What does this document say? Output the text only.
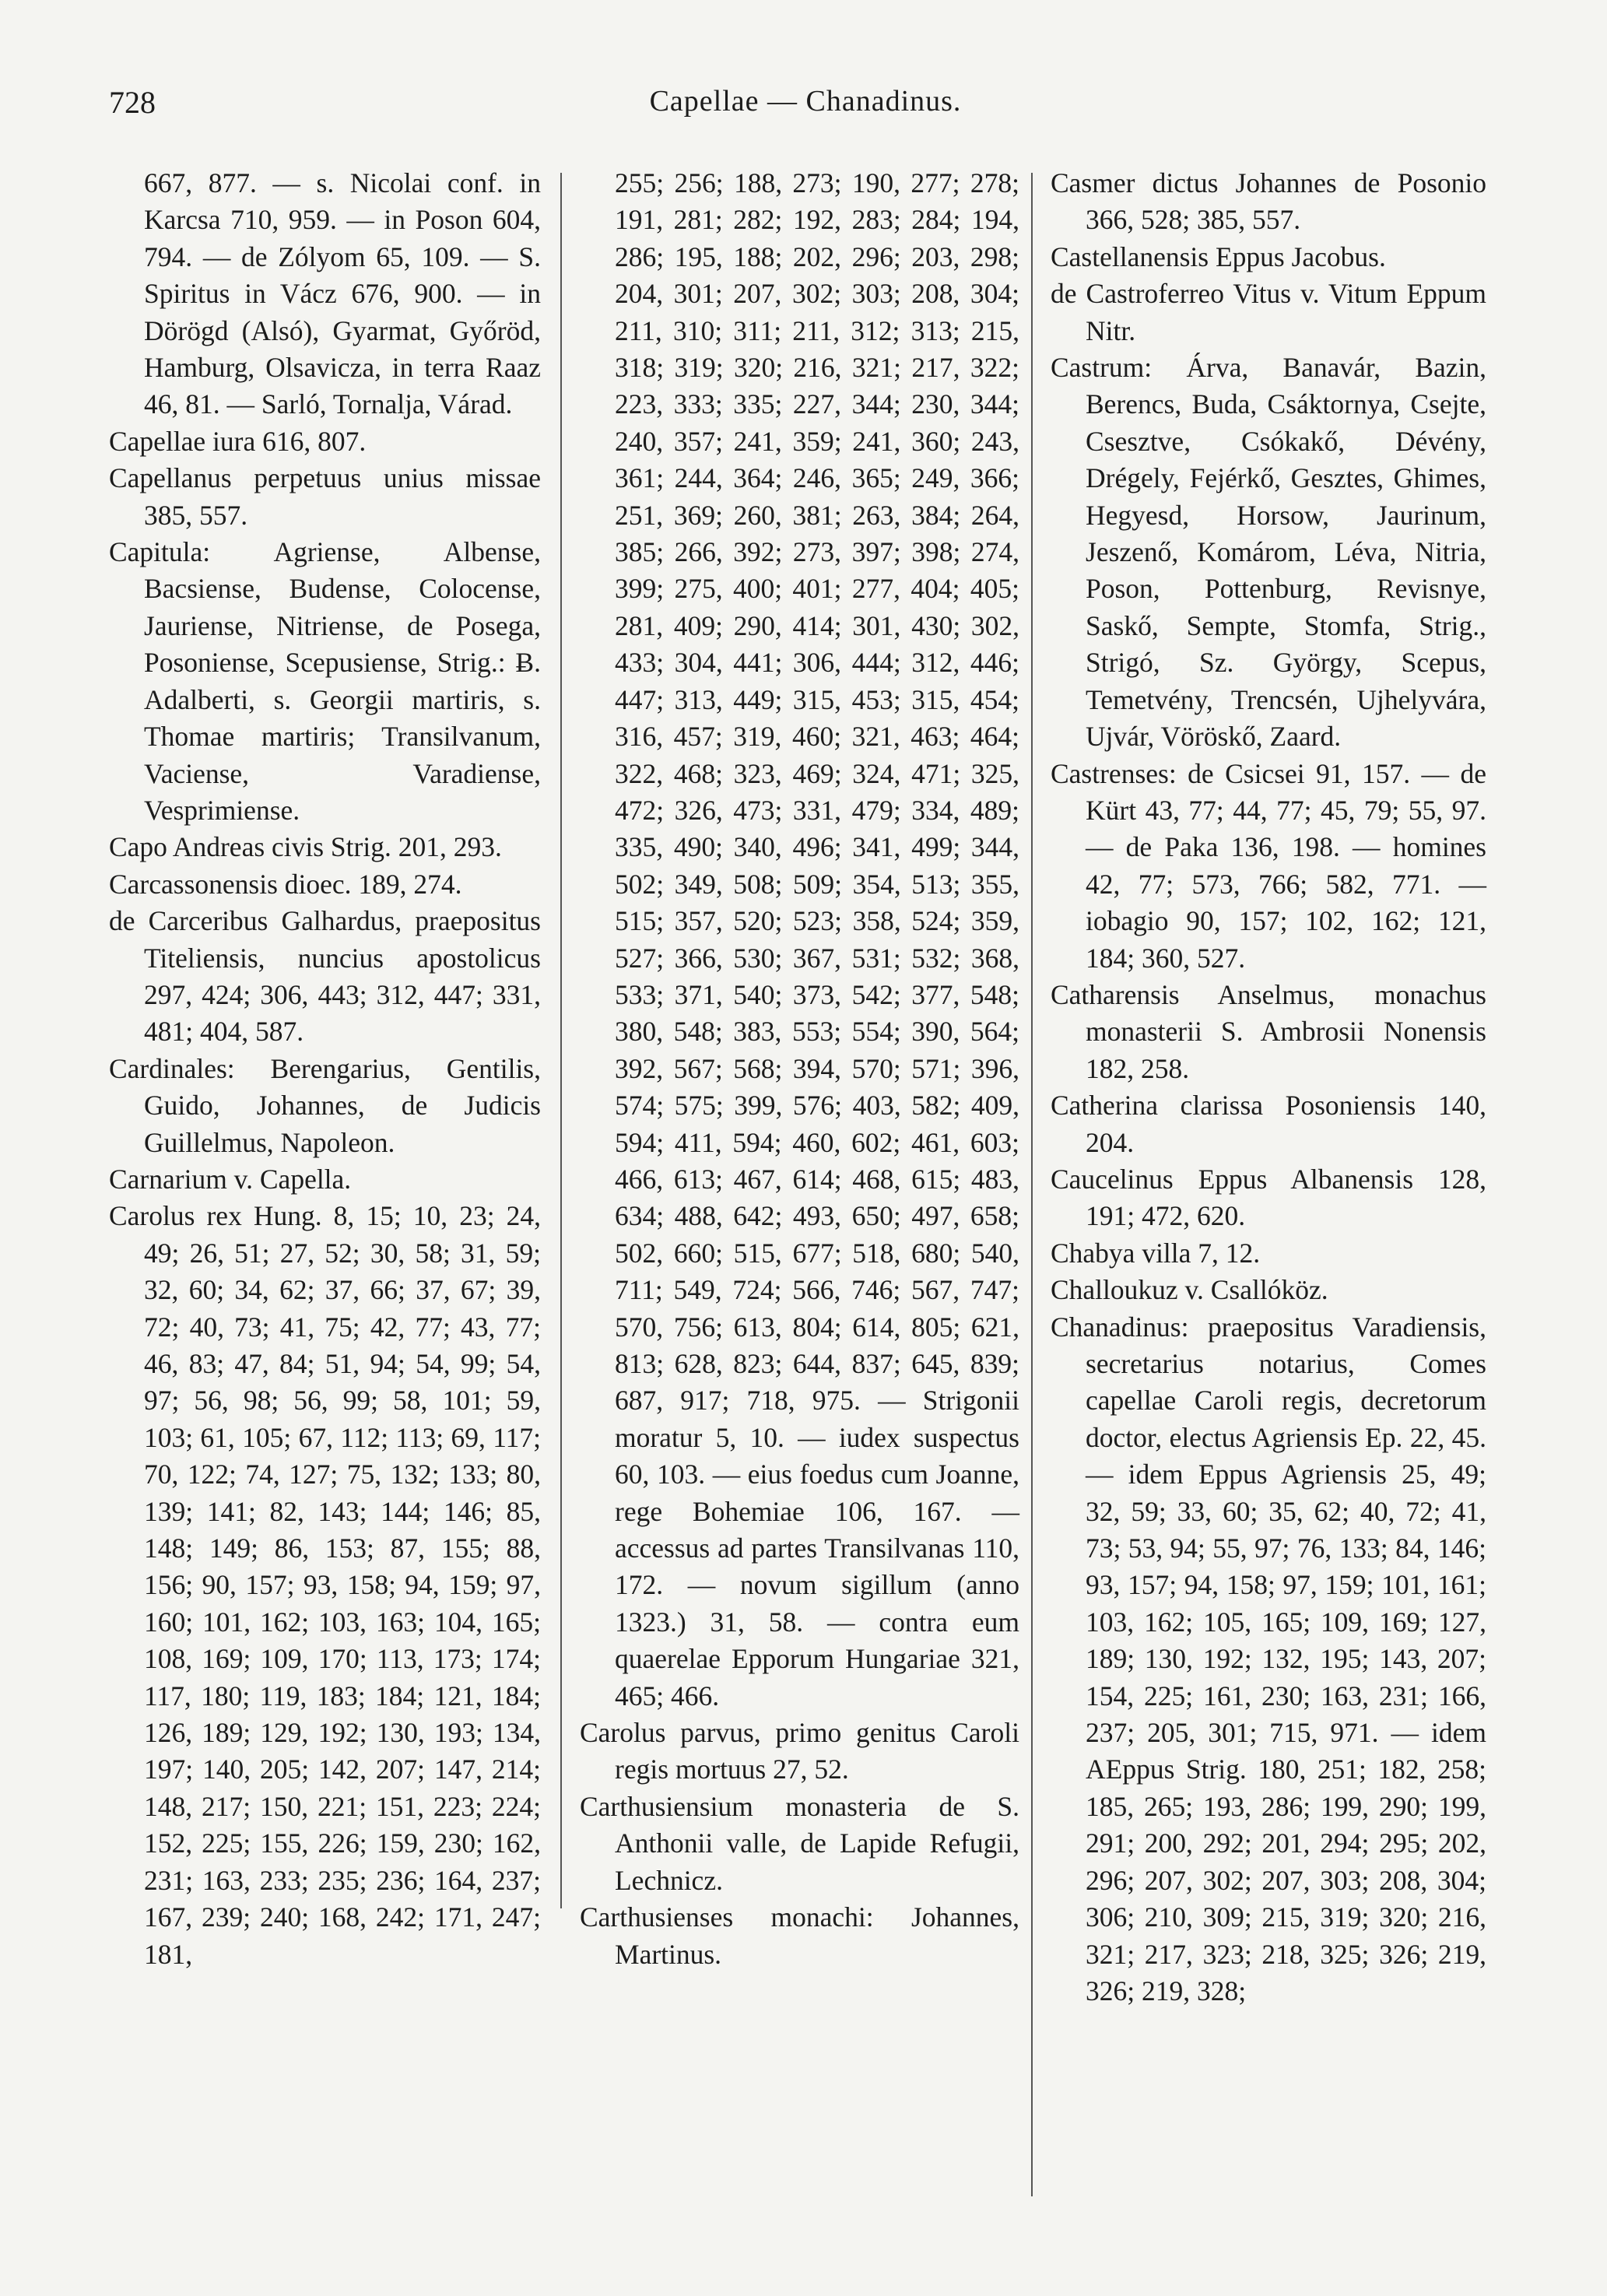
728	Capellae — Chanadinus.

667, 877. — s. Nicolai conf. in Karcsa 710, 959. — in Poson 604, 794. — de Zólyom 65, 109. — S. Spiritus in Vácz 676, 900. — in Dörögd (Alsó), Gyarmat, Győröd, Hamburg, Olsavicza, in terra Raaz 46, 81. — Sarló, Tornalja, Várad.

Capellae iura 616, 807.

Capellanus perpetuus unius missae 385, 557.

Capitula: Agriense, Albense, Bacsiense, Budense, Colocense, Jauriense, Nitriense, de Posega, Posoniense, Scepusiense, Strig.: Ƀ. Adalberti, s. Georgii martiris, s. Thomae martiris; Transilvanum, Vaciense, Varadiense, Vesprimiense.

Capo Andreas civis Strig. 201, 293.

Carcassonensis dioec. 189, 274.

de Carceribus Galhardus, praepositus Titeliensis, nuncius apostolicus 297, 424; 306, 443; 312, 447; 331, 481; 404, 587.

Cardinales: Berengarius, Gentilis, Guido, Johannes, de Judicis Guillelmus, Napoleon.

Carnarium v. Capella.

Carolus rex Hung. 8, 15; 10, 23; 24, 49; 26, 51; 27, 52; 30, 58; 31, 59; 32, 60; 34, 62; 37, 66; 37, 67; 39, 72; 40, 73; 41, 75; 42, 77; 43, 77; 46, 83; 47, 84; 51, 94; 54, 99; 54, 97; 56, 98; 56, 99; 58, 101; 59, 103; 61, 105; 67, 112; 113; 69, 117; 70, 122; 74, 127; 75, 132; 133; 80, 139; 141; 82, 143; 144; 146; 85, 148; 149; 86, 153; 87, 155; 88, 156; 90, 157; 93, 158; 94, 159; 97, 160; 101, 162; 103, 163; 104, 165; 108, 169; 109, 170; 113, 173; 174; 117, 180; 119, 183; 184; 121, 184; 126, 189; 129, 192; 130, 193; 134, 197; 140, 205; 142, 207; 147, 214; 148, 217; 150, 221; 151, 223; 224; 152, 225; 155, 226; 159, 230; 162, 231; 163, 233; 235; 236; 164, 237; 167, 239; 240; 168, 242; 171, 247; 181,

255; 256; 188, 273; 190, 277; 278; 191, 281; 282; 192, 283; 284; 194, 286; 195, 188; 202, 296; 203, 298; 204, 301; 207, 302; 303; 208, 304; 211, 310; 311; 211, 312; 313; 215, 318; 319; 320; 216, 321; 217, 322; 223, 333; 335; 227, 344; 230, 344; 240, 357; 241, 359; 241, 360; 243, 361; 244, 364; 246, 365; 249, 366; 251, 369; 260, 381; 263, 384; 264, 385; 266, 392; 273, 397; 398; 274, 399; 275, 400; 401; 277, 404; 405; 281, 409; 290, 414; 301, 430; 302, 433; 304, 441; 306, 444; 312, 446; 447; 313, 449; 315, 453; 315, 454; 316, 457; 319, 460; 321, 463; 464; 322, 468; 323, 469; 324, 471; 325, 472; 326, 473; 331, 479; 334, 489; 335, 490; 340, 496; 341, 499; 344, 502; 349, 508; 509; 354, 513; 355, 515; 357, 520; 523; 358, 524; 359, 527; 366, 530; 367, 531; 532; 368, 533; 371, 540; 373, 542; 377, 548; 380, 548; 383, 553; 554; 390, 564; 392, 567; 568; 394, 570; 571; 396, 574; 575; 399, 576; 403, 582; 409, 594; 411, 594; 460, 602; 461, 603; 466, 613; 467, 614; 468, 615; 483, 634; 488, 642; 493, 650; 497, 658; 502, 660; 515, 677; 518, 680; 540, 711; 549, 724; 566, 746; 567, 747; 570, 756; 613, 804; 614, 805; 621, 813; 628, 823; 644, 837; 645, 839; 687, 917; 718, 975. — Strigonii moratur 5, 10. — iudex suspectus 60, 103. — eius foedus cum Joanne, rege Bohemiae 106, 167. — accessus ad partes Transilvanas 110, 172. — novum sigillum (anno 1323.) 31, 58. — contra eum quaerelae Epporum Hungariae 321, 465; 466.

Carolus parvus, primo genitus Caroli regis mortuus 27, 52.

Carthusiensium monasteria de S. Anthonii valle, de Lapide Refugii, Lechnicz.

Carthusienses monachi: Johannes, Martinus.

Casmer dictus Johannes de Posonio 366, 528; 385, 557.

Castellanensis Eppus Jacobus.

de Castroferreo Vitus v. Vitum Eppum Nitr.

Castrum: Árva, Banavár, Bazin, Berencs, Buda, Csáktornya, Csejte, Csesztve, Csókakő, Dévény, Drégely, Fejérkő, Gesztes, Ghimes, Hegyesd, Horsow, Jaurinum, Jeszenő, Komárom, Léva, Nitria, Poson, Pottenburg, Revisnye, Saskő, Sempte, Stomfa, Strig., Strigó, Sz. György, Scepus, Temetvény, Trencsén, Ujhelyvára, Ujvár, Vöröskő, Zaard.

Castrenses: de Csicsei 91, 157. — de Kürt 43, 77; 44, 77; 45, 79; 55, 97. — de Paka 136, 198. — homines 42, 77; 573, 766; 582, 771. — iobagio 90, 157; 102, 162; 121, 184; 360, 527.

Catharensis Anselmus, monachus monasterii S. Ambrosii Nonensis 182, 258.

Catherina clarissa Posoniensis 140, 204.

Caucelinus Eppus Albanensis 128, 191; 472, 620.

Chabya villa 7, 12.

Challoukuz v. Csallóköz.

Chanadinus: praepositus Varadiensis, secretarius notarius, Comes capellae Caroli regis, decretorum doctor, electus Agriensis Ep. 22, 45. — idem Eppus Agriensis 25, 49; 32, 59; 33, 60; 35, 62; 40, 72; 41, 73; 53, 94; 55, 97; 76, 133; 84, 146; 93, 157; 94, 158; 97, 159; 101, 161; 103, 162; 105, 165; 109, 169; 127, 189; 130, 192; 132, 195; 143, 207; 154, 225; 161, 230; 163, 231; 166, 237; 205, 301; 715, 971. — idem AEppus Strig. 180, 251; 182, 258; 185, 265; 193, 286; 199, 290; 199, 291; 200, 292; 201, 294; 295; 202, 296; 207, 302; 207, 303; 208, 304; 306; 210, 309; 215, 319; 320; 216, 321; 217, 323; 218, 325; 326; 219, 326; 219, 328;
